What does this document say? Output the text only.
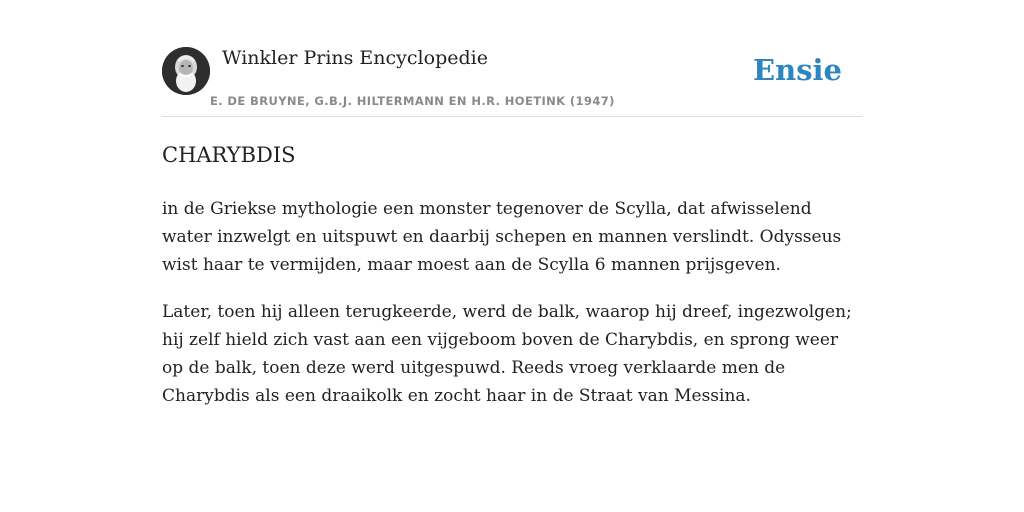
Winkler Prins Encyclopedie
E. DE BRUYNE, G.B.J. HILTERMANN EN H.R. HOETINK (1947)
Ensie
CHARYBDIS

in de Griekse mythologie een monster tegenover de Scylla, dat afwisselend water inzwelgt en uitspuwt en daarbij schepen en mannen verslindt. Odysseus wist haar te vermijden, maar moest aan de Scylla 6 mannen prijsgeven.

Later, toen hij alleen terugkeerde, werd de balk, waarop hij dreef, ingezwolgen; hij zelf hield zich vast aan een vijgeboom boven de Charybdis, en sprong weer op de balk, toen deze werd uitgespuwd. Reeds vroeg verklaarde men de Charybdis als een draaikolk en zocht haar in de Straat van Messina.
